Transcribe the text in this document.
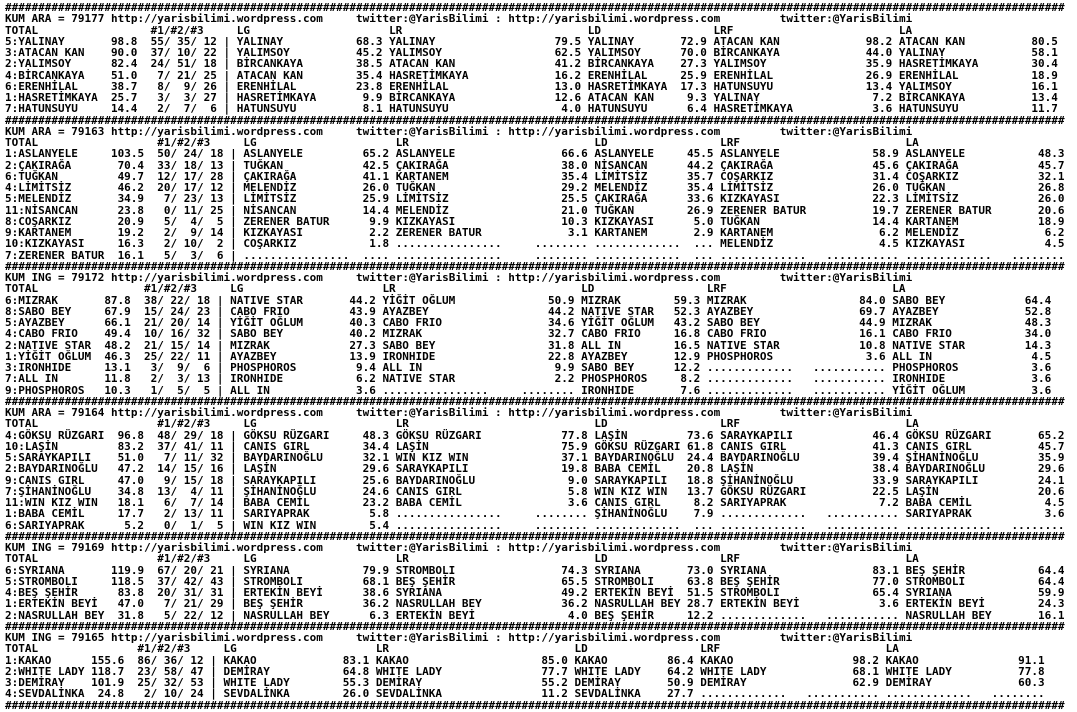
################################################################################################################################################################
KUM ARA = 79177 http://yarisbilimi.wordpress.com	twitter:@YarisBilimi : http://yarisbilimi.wordpress.com	twitter:@YarisBilimi
TOTAL	#1/#2/#3	LG	LR	LD	LRF	LA
5:YALINAY	98.8 55/ 35/ 12 | YALINAY	68.3 YALINAY	79.5 YALINAY	72.9 ATACAN KAN	98.2 ATACAN KAN	80.5
3:ATACAN KAN 90.0 37/ 10/ 22 | YALIMSOY	45.2 YALIMSOY	62.5 YALIMSOY	70.0 BİRCANKAYA	44.0 YALINAY	58.1
2:YALIMSOY	82.4 24/ 51/ 18 | BİRCANKAYA	38.5 ATACAN KAN	41.2 BİRCANKAYA 27.3 YALIMSOY	35.9 HASRETİMKAYA	30.4
4:BİRCANKAYA 51.0 7/ 21/ 25 | ATACAN KAN	35.4 HASRETİMKAYA	16.2 ERENHİLAL	25.9 ERENHİLAL	26.9 ERENHİLAL	18.9
6:ERENHİLAL	38.7 8/  9/ 26 | ERENHİLAL	23.8 ERENHİLAL	13.0 HASRETİMKAYA 17.3 HATUNSUYU	13.4 YALIMSOY	16.1
1:HASRETİMKAYA 25.7 3/  3/ 27 | HASRETİMKAYA	9.9 BİRCANKAYA	12.6 ATACAN KAN	9.3 YALINAY	7.2 BİRCANKAYA	13.4
7:HATUNSUYU	14.4 2/  7/  6 | HATUNSUYU	8.1 HATUNSUYU	4.0 HATUNSUYU	6.4 HASRETİMKAYA	3.6 HATUNSUYU	11.7
################################################################################################################################################################
KUM ARA = 79163 http://yarisbilimi.wordpress.com	twitter:@YarisBilimi : http://yarisbilimi.wordpress.com	twitter:@YarisBilimi
TOTAL	#1/#2/#3	LG	LR	LD	LRF	LA
1:ASLANYELE	103.5 50/ 24/ 18 | ASLANYELE	65.2 ASLANYELE	66.6 ASLANYELE	45.5 ASLANYELE	58.9 ASLANYELE	48.3
2:ÇAKIRAĞA	70.4 33/ 18/ 13 | TUĞKAN	42.5 ÇAKIRAĞA	38.0 NİSANCAN	44.2 ÇAKIRAĞA	45.6 ÇAKIRAĞA	45.7
6:TUĞKAN	49.7 12/ 17/ 28 | ÇAKIRAĞA	41.1 KARTANEM	35.4 LİMİTSİZ	35.7 COŞARKIZ	31.4 COŞARKIZ	32.1
4:LİMİTSİZ	46.2 20/ 17/ 12 | MELENDİZ	26.0 TUĞKAN	29.2 MELENDİZ	35.4 LİMİTSİZ	26.0 TUĞKAN	26.8
5:MELENDİZ	34.9 7/ 23/ 13 | LİMİTSİZ	25.9 LİMİTSİZ	25.5 ÇAKIRAĞA	33.6 KIZKAYASI	22.3 LİMİTSİZ	26.0
11:NİSANCAN	23.8 0/ 11/ 25 | NİSANCAN	14.4 MELENDİZ	21.0 TUĞKAN	26.9 ZERENER BATUR	19.7 ZERENER BATUR	20.6
8:COŞARKIZ	20.9 5/  4/  5 | ZERENER BATUR	9.9 KIZKAYASI	10.3 KIZKAYASI	5.0 TUĞKAN	14.4 KARTANEM	18.9
9:KARTANEM	19.2 2/  9/ 14 | KIZKAYASI	2.2 ZERENER BATUR	3.1 KARTANEM	2.9 KARTANEM	6.2 MELENDİZ	6.2
10:KIZKAYASI	16.3 2/ 10/  2 | COŞARKIZ	1.8 ................	........ ............. ... MELENDİZ	4.5 KIZKAYASI	4.5
7:ZERENER BATUR 16.1 5/  3/  6 | ................ .... ................	........ ............. ... ............. ........... ............. ........
################################################################################################################################################################
KUM ING = 79172 http://yarisbilimi.wordpress.com	twitter:@YarisBilimi : http://yarisbilimi.wordpress.com	twitter:@YarisBilimi
TOTAL	#1/#2/#3	LG	LR	LD	LRF	LA
6:MIZRAK	87.8 38/ 22/ 18 | NATIVE STAR	44.2 YİĞİT OĞLUM	50.9 MIZRAK	59.3 MIZRAK	84.0 SABO BEY	64.4
8:SABO BEY	67.9 15/ 24/ 23 | CABO FRIO	43.9 AYAZBEY	44.2 NATIVE STAR 52.3 AYAZBEY	69.7 AYAZBEY	52.8
5:AYAZBEY	66.1 21/ 20/ 14 | YİĞİT OĞLUM	40.3 CABO FRIO	34.6 YİĞİT OĞLUM 43.2 SABO BEY	44.9 MIZRAK	48.3
4:CABO FRIO 49.4 10/ 16/ 32 | SABO BEY	40.2 MIZRAK	32.7 CABO FRIO	16.8 CABO FRIO	16.1 CABO FRIO	34.0
2:NATIVE STAR 48.2 21/ 15/ 14 | MIZRAK	27.3 SABO BEY	31.8 ALL IN	16.5 NATIVE STAR	10.8 NATIVE STAR	14.3
1:YİĞİT OĞLUM 46.3 25/ 22/ 11 | AYAZBEY	13.9 IRONHIDE	22.8 AYAZBEY	12.9 PHOSPHOROS	3.6 ALL IN	4.5
3:IRONHIDE	13.1 3/  9/  6 | PHOSPHOROS	9.4 ALL IN	9.9 SABO BEY	12.2 ............. ........... PHOSPHOROS	3.6
7:ALL IN	11.8 2/  3/ 13 | IRONHIDE	6.2 NATIVE STAR	2.2 PHOSPHOROS	8.2 ............. ........... IRONHIDE	3.6
9:PHOSPHOROS 10.3 1/  5/  5 | ALL IN	3.6 ................	........ IRONHIDE	7.6 ............. ........... YİĞİT OĞLUM	3.6
################################################################################################################################################################
KUM ARA = 79164 http://yarisbilimi.wordpress.com	twitter:@YarisBilimi : http://yarisbilimi.wordpress.com	twitter:@YarisBilimi
TOTAL	#1/#2/#3	LG	LR	LD	LRF	LA
4:GÖKSU RÜZGARI 96.8 48/ 29/ 18 | GÖKSU RÜZGARI	48.3 GÖKSU RÜZGARI	77.8 LAŞİN	73.6 SARAYKAPILI	46.4 GÖKSU RÜZGARI	65.2
10:LAŞİN	83.2 37/ 41/ 11 | CANIS GIRL	34.4 LAŞİN	75.9 GÖKSU RÜZGARI 61.8 CANIS GIRL	41.3 CANIS GIRL	45.7
5:SARAYKAPILI 51.0 7/ 11/ 32 | BAYDARINOĞLU	32.1 WIN KIZ WIN	37.1 BAYDARINOĞLU 24.4 BAYDARINOĞLU	39.4 ŞİHANİNOĞLU	35.9
2:BAYDARINOĞLU 47.2 14/ 15/ 16 | LAŞİN	29.6 SARAYKAPILI	19.8 BABA CEMİL 20.8 LAŞİN	38.4 BAYDARINOĞLU	29.6
9:CANIS GIRL	47.0 9/ 15/ 18 | SARAYKAPILI	25.6 BAYDARINOĞLU	9.0 SARAYKAPILI 18.8 ŞİHANİNOĞLU	33.9 SARAYKAPILI	24.1
7:ŞİHANİNOĞLU 34.8 13/  4/ 11 | ŞİHANİNOĞLU	24.6 CANIS GIRL	5.8 WIN KIZ WIN 13.7 GÖKSU RÜZGARI	22.5 LAŞİN	20.6
11:WIN KIZ WIN 18.1 6/  7/ 14 | BABA CEMİL	23.2 BABA CEMİL	3.6 CANIS GIRL	8.2 SARIYAPRAK	7.2 BABA CEMİL	4.5
1:BABA CEMİL	17.7 2/ 13/ 11 | SARIYAPRAK	5.8 ................	........ ŞİHANİNOĞLU 7.9 ............. ........... SARIYAPRAK	3.6
6:SARIYAPRAK	5.2 0/  1/  5 | WIN KIZ WIN	5.4 ................	........ ............. ... ............. ........... ............. ........
################################################################################################################################################################
KUM ING = 79169 http://yarisbilimi.wordpress.com	twitter:@YarisBilimi : http://yarisbilimi.wordpress.com	twitter:@YarisBilimi
TOTAL	#1/#2/#3	LG	LR	LD	LRF	LA
6:SYRIANA	119.9 67/ 20/ 21 | SYRIANA	79.9 STROMBOLI	74.3 SYRIANA	73.0 SYRIANA	83.1 BEŞ ŞEHİR	64.4
5:STROMBOLI	118.5 37/ 42/ 43 | STROMBOLI	68.1 BEŞ ŞEHİR	65.5 STROMBOLI	63.8 BEŞ ŞEHİR	77.0 STROMBOLI	64.4
4:BEŞ ŞEHİR	83.8 20/ 31/ 31 | ERTEKİN BEYİ	38.6 SYRIANA	49.2 ERTEKİN BEYİ 51.5 STROMBOLI	65.4 SYRIANA	59.9
1:ERTEKİN BEYİ 47.0 7/ 21/ 29 | BEŞ ŞEHİR	36.2 NASRULLAH BEY	36.2 NASRULLAH BEY 28.7 ERTEKİN BEYİ	3.6 ERTEKİN BEYİ	24.3
2:NASRULLAH BEY 31.8 5/ 22/ 12 | NASRULLAH BEY	6.3 ERTEKİN BEYİ	4.0 BEŞ ŞEHİR	12.2 ............. ........... NASRULLAH BEY	16.1
################################################################################################################################################################
KUM ING = 79165 http://yarisbilimi.wordpress.com	twitter:@YarisBilimi : http://yarisbilimi.wordpress.com	twitter:@YarisBilimi
TOTAL	#1/#2/#3	LG	LR	LD	LRF	LA
1:KAKAO	155.6 86/ 36/ 12 | KAKAO	83.1 KAKAO	85.0 KAKAO	86.4 KAKAO	98.2 KAKAO	91.1
2:WHITE LADY 118.7 23/ 58/ 47 | DEMİRAY	64.8 WHITE LADY	77.7 WHITE LADY 64.2 WHITE LADY	68.1 WHITE LADY	77.8
3:DEMİRAY 101.9 25/ 32/ 53 | WHITE LADY	55.3 DEMİRAY	55.2 DEMİRAY	50.9 DEMİRAY	62.9 DEMİRAY	60.3
4:SEVDALİNKA 24.8 2/ 10/ 24 | SEVDALİNKA	26.0 SEVDALİNKA	11.2 SEVDALİNKA 27.7 ............. ........... ............. ........
################################################################################################################################################################
